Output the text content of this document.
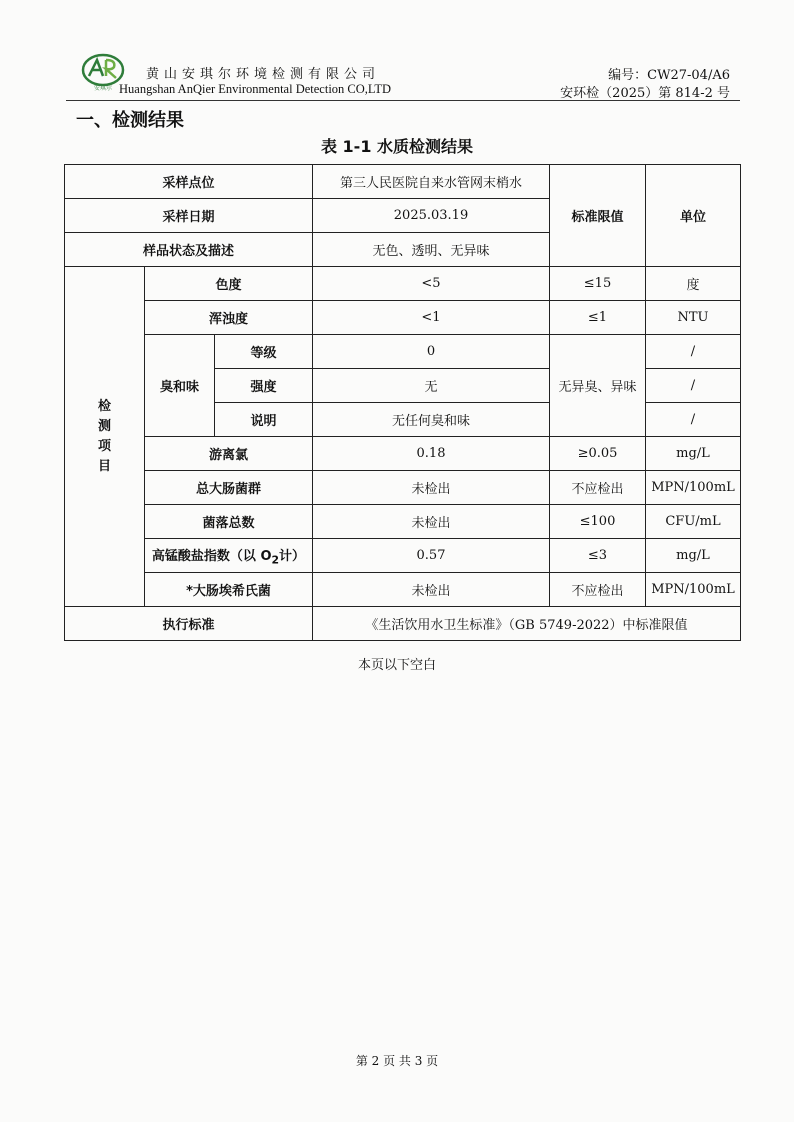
安琪尔
黄山安琪尔环境检测有限公司
Huangshan AnQier Environmental Detection CO,LTD
编号：CW27-04/A6
安环检（2025）第 814-2 号
一、检测结果
表 1-1 水质检测结果
采样点位			第三人民医院自来水管网末梢水	标准限值	单位
采样日期			2025.03.19		
样品状态及描述			无色、透明、无异味		

检
测
项
目	色度		<5	≤15	度
	浑浊度		<1	≤1	NTU
	臭和味	等级	0	无异臭、异味	/
		强度	无		/
		说明	无任何臭和味		/
	游离氯		0.18	≥0.05	mg/L
	总大肠菌群		未检出	不应检出	MPN/100mL
	菌落总数		未检出	≤100	CFU/mL
	高锰酸盐指数（以 $O_2$计）		0.57	≤3	mg/L
	*大肠埃希氏菌		未检出	不应检出	MPN/100mL
执行标准			《生活饮用水卫生标准》（GB 5749-2022）中标准限值		
本页以下空白
第 2 页 共 3 页
